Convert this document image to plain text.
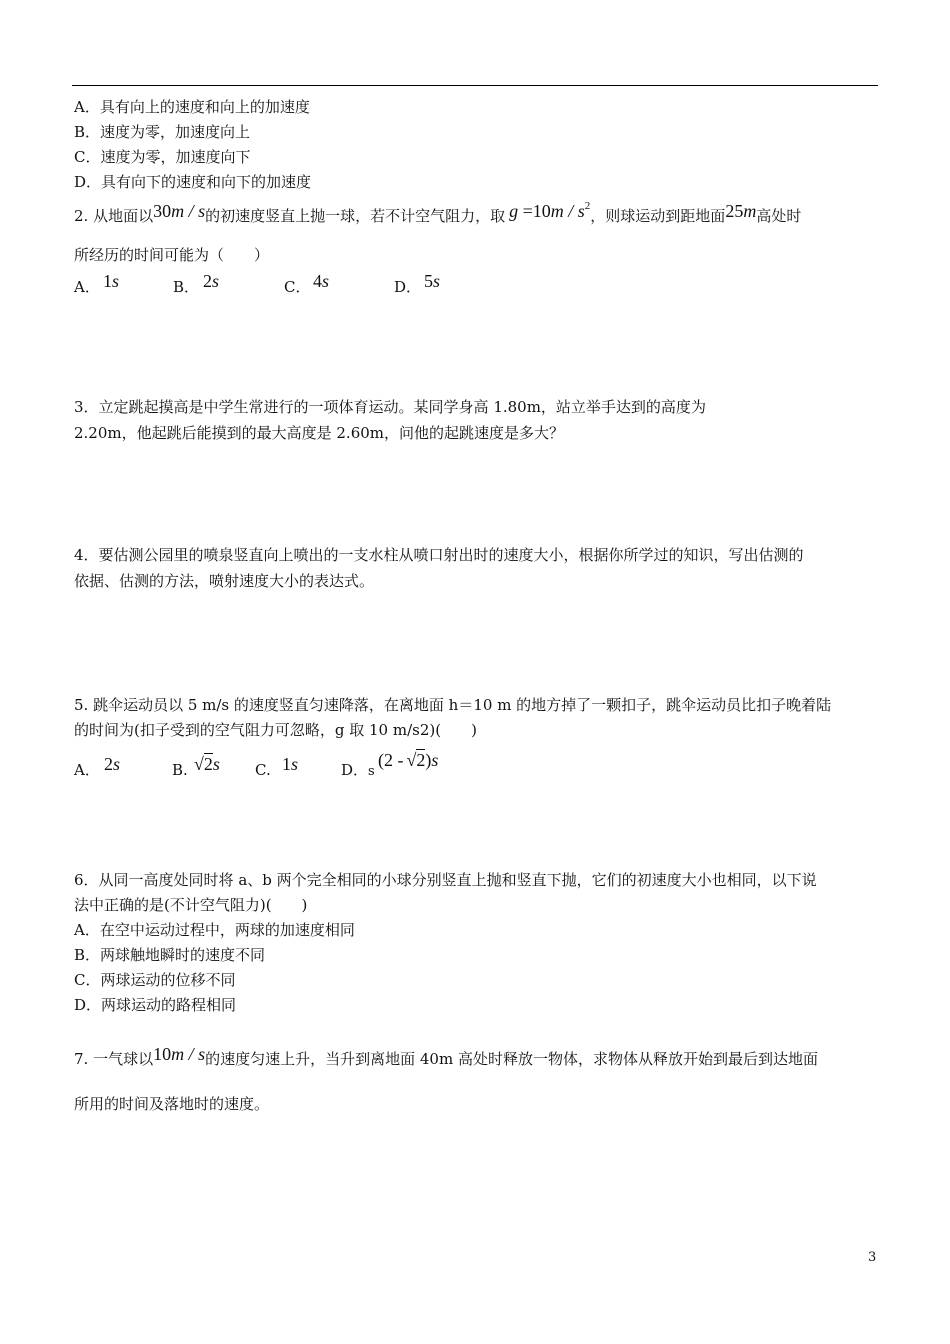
A．具有向上的速度和向上的加速度
B．速度为零，加速度向上
C．速度为零，加速度向下
D．具有向下的速度和向下的加速度
2. 从地面以30m / s的初速度竖直上抛一球，若不计空气阻力，取 $g =10m / s^2$，则球运动到距地面25m高处时
所经历的时间可能为（　　）
A． 1s	B． 2s	C． 4s	D． 5s
3．立定跳起摸高是中学生常进行的一项体育运动。某同学身高 1.80m，站立举手达到的高度为
2.20m，他起跳后能摸到的最大高度是 2.60m，问他的起跳速度是多大？
4．要估测公园里的喷泉竖直向上喷出的一支水柱从喷口射出时的速度大小，根据你所学过的知识，写出估测的
依据、估测的方法，喷射速度大小的表达式。
5. 跳伞运动员以 5 m/s 的速度竖直匀速降落，在离地面 h＝10 m 的地方掉了一颗扣子，跳伞运动员比扣子晚着陆
的时间为(扣子受到的空气阻力可忽略，g 取 10 m/s2)(　　)
A． 2s	B. √2s C. 1s	D． s
(2 - √2)s
6．从同一高度处同时将 a、b 两个完全相同的小球分别竖直上抛和竖直下抛，它们的初速度大小也相同，以下说
法中正确的是(不计空气阻力)(　　)
A．在空中运动过程中，两球的加速度相同
B．两球触地瞬时的速度不同
C．两球运动的位移不同
D．两球运动的路程相同
7. 一气球以10m / s的速度匀速上升，当升到离地面 40m 高处时释放一物体，求物体从释放开始到最后到达地面
所用的时间及落地时的速度。
3
